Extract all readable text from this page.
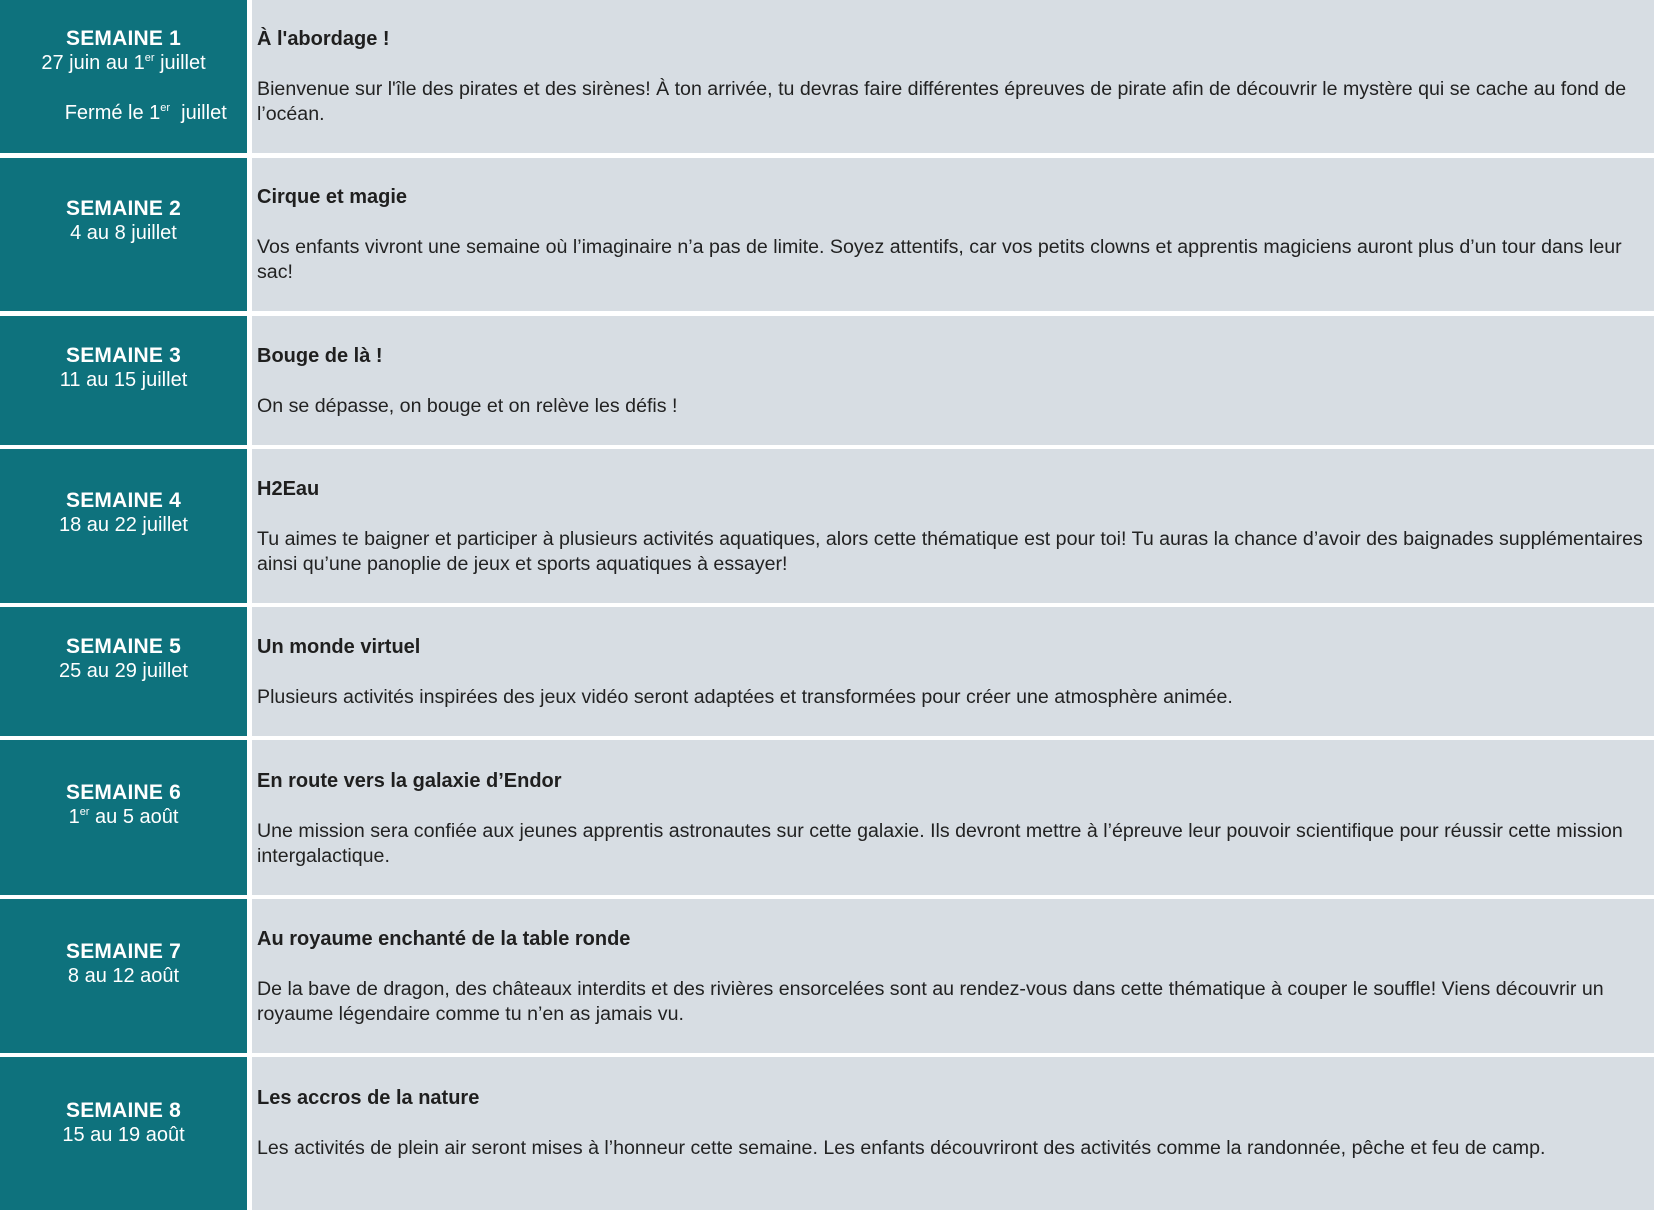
SEMAINE 1
27 juin au 1er juillet

Fermé le 1er  juillet

À l'abordage !

Bienvenue sur l'île des pirates et des sirènes! À ton arrivée, tu devras faire différentes épreuves de pirate afin de découvrir le mystère qui se cache au fond de l’océan.

SEMAINE 2
4 au 8 juillet

Cirque et magie

Vos enfants vivront une semaine où l’imaginaire n’a pas de limite. Soyez attentifs, car vos petits clowns et apprentis magiciens auront plus d’un tour dans leur sac!

SEMAINE 3
11 au 15 juillet

Bouge de là !

On se dépasse, on bouge et on relève les défis !

SEMAINE 4
18 au 22 juillet

H2Eau

Tu aimes te baigner et participer à plusieurs activités aquatiques, alors cette thématique est pour toi! Tu auras la chance d’avoir des baignades supplémentaires ainsi qu’une panoplie de jeux et sports aquatiques à essayer!

SEMAINE 5
25 au 29 juillet

Un monde virtuel

Plusieurs activités inspirées des jeux vidéo seront adaptées et transformées pour créer une atmosphère animée.

SEMAINE 6
1er au 5 août

En route vers la galaxie d’Endor

Une mission sera confiée aux jeunes apprentis astronautes sur cette galaxie. Ils devront mettre à l’épreuve leur pouvoir scientifique pour réussir cette mission intergalactique.

SEMAINE 7
8 au 12 août

Au royaume enchanté de la table ronde

De la bave de dragon, des châteaux interdits et des rivières ensorcelées sont au rendez-vous dans cette thématique à couper le souffle! Viens découvrir un royaume légendaire comme tu n’en as jamais vu.

SEMAINE 8
15 au 19 août

Les accros de la nature

Les activités de plein air seront mises à l’honneur cette semaine. Les enfants découvriront des activités comme la randonnée, pêche et feu de camp.
